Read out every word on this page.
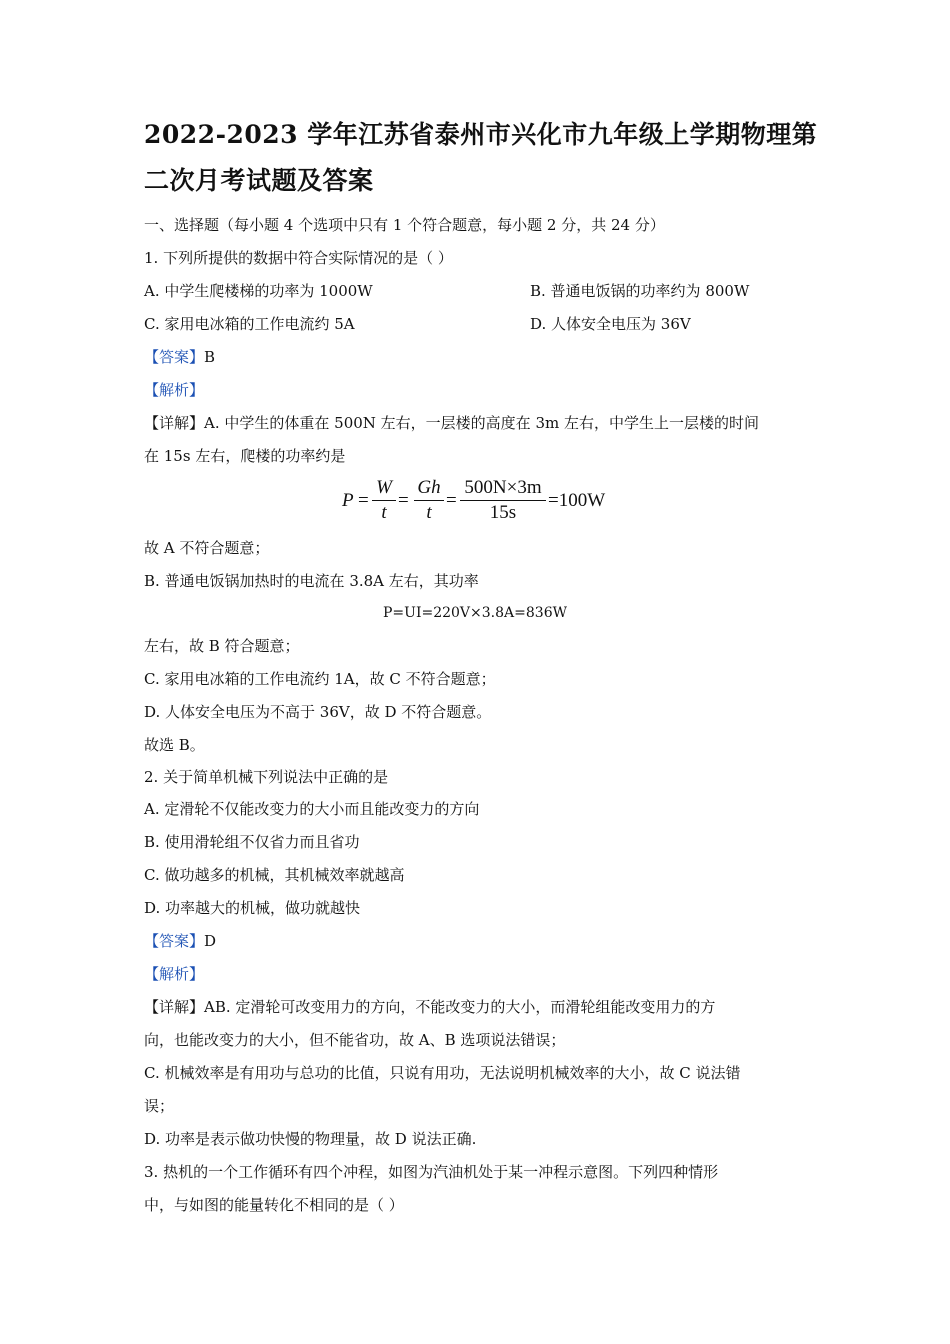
2022-2023 学年江苏省泰州市兴化市九年级上学期物理第二次月考试题及答案
一、选择题（每小题 4 个选项中只有 1 个符合题意，每小题 2 分，共 24 分）
1. 下列所提供的数据中符合实际情况的是（ ）
A. 中学生爬楼梯的功率为 1000W	B. 普通电饭锅的功率约为 800W
C. 家用电冰箱的工作电流约 5A	D. 人体安全电压为 36V
【答案】B
【解析】
【详解】A. 中学生的体重在 500N 左右，一层楼的高度在 3m 左右，中学生上一层楼的时间
在 15s 左右，爬楼的功率约是
P =
W
t
=
Gh
t
=
500N×3m
15s
=100W
故 A 不符合题意；
B. 普通电饭锅加热时的电流在 3.8A 左右，其功率
P=UI=220V×3.8A=836W
左右，故 B 符合题意；
C. 家用电冰箱的工作电流约 1A，故 C 不符合题意；
D. 人体安全电压为不高于 36V，故 D 不符合题意。
故选 B。
2. 关于简单机械下列说法中正确的是
A. 定滑轮不仅能改变力的大小而且能改变力的方向
B. 使用滑轮组不仅省力而且省功
C. 做功越多的机械，其机械效率就越高
D. 功率越大的机械，做功就越快
【答案】D
【解析】
【详解】AB. 定滑轮可改变用力的方向，不能改变力的大小，而滑轮组能改变用力的方
向，也能改变力的大小，但不能省功，故 A、B 选项说法错误；
C. 机械效率是有用功与总功的比值，只说有用功，无法说明机械效率的大小，故 C 说法错
误；
D. 功率是表示做功快慢的物理量，故 D 说法正确.
3. 热机的一个工作循环有四个冲程，如图为汽油机处于某一冲程示意图。下列四种情形
中，与如图的能量转化不相同的是（ ）
